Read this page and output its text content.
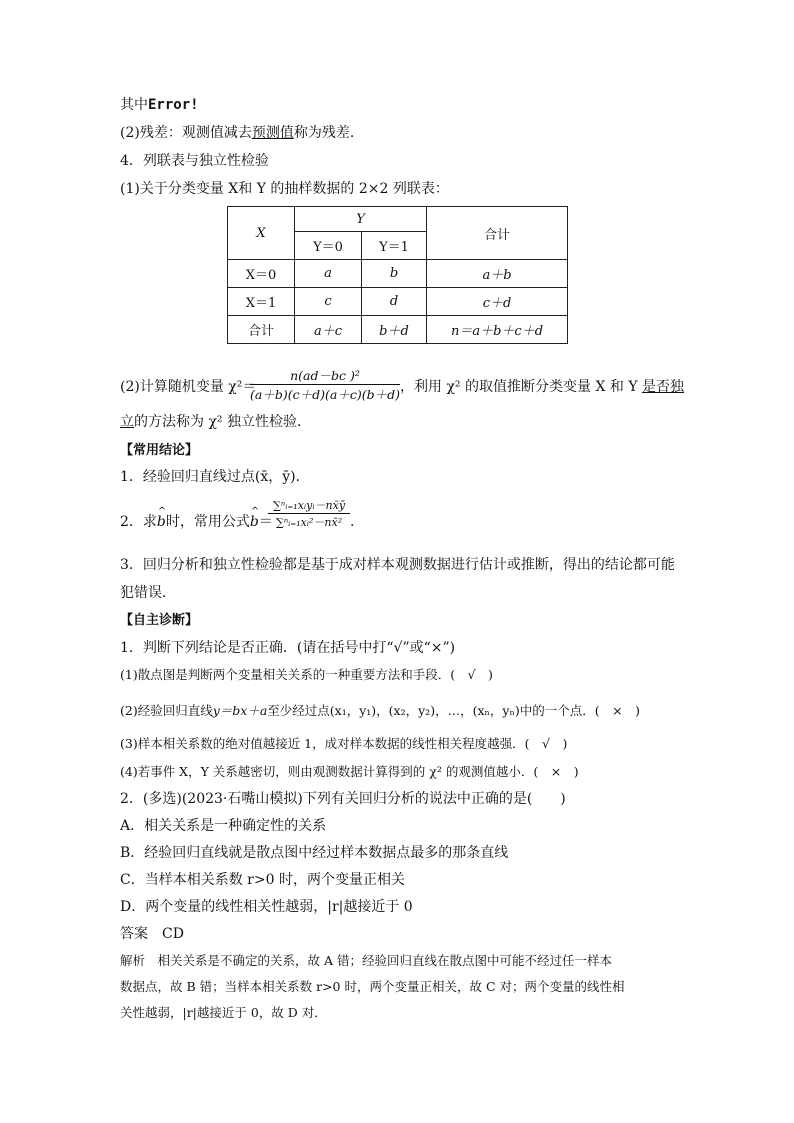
其中Error!
(2)残差：观测值减去预测值称为残差．
4．列联表与独立性检验
(1)关于分类变量 X和 Y 的抽样数据的 2×2 列联表：
X	Y		合计
	Y＝0	Y＝1	
X＝0	a	b	a＋b
X＝1	c	d	c＋d
合计	a＋c	b＋d	n＝a＋b＋c＋d
(2)计算随机变量 χ²＝
$\frac{\text{n(ad－bc )²}}{(a+b)(c+d)(a+c)(b+d)}$ ，利用 χ² 的取值推断分类变量 X 和 Y 是否独
立的方法称为 χ² 独立性检验．
【常用结论】
1．经验回归直线过点(x̄，ȳ)．
2．求^ b时，常用公式^ b＝
∑ⁿᵢ₌₁xᵢyᵢ－nx̄ȳ
∑ⁿᵢ₌₁xᵢ²－nx̄² .
3．回归分析和独立性检验都是基于成对样本观测数据进行估计或推断，得出的结论都可能
犯错误．
【自主诊断】
1．判断下列结论是否正确．(请在括号中打“√”或“×”)
(1)散点图是判断两个变量相关关系的一种重要方法和手段．(　√　)
(2)经验回归直线y＝bx＋a至少经过点(x₁，y₁)，(x₂，y₂)，…，(xₙ，yₙ)中的一个点．(　×　)
(3)样本相关系数的绝对值越接近 1，成对样本数据的线性相关程度越强．(　√　)
(4)若事件 X，Y 关系越密切，则由观测数据计算得到的 χ² 的观测值越小．(　×　)
2．(多选)(2023·石嘴山模拟)下列有关回归分析的说法中正确的是(　　)
A．相关关系是一种确定性的关系
B．经验回归直线就是散点图中经过样本数据点最多的那条直线
C．当样本相关系数 r>0 时，两个变量正相关
D．两个变量的线性相关性越弱，|r|越接近于 0
答案　CD
解析　相关关系是不确定的关系，故 A 错；经验回归直线在散点图中可能不经过任一样本
数据点，故 B 错；当样本相关系数 r>0 时，两个变量正相关，故 C 对；两个变量的线性相
关性越弱，|r|越接近于 0，故 D 对．
